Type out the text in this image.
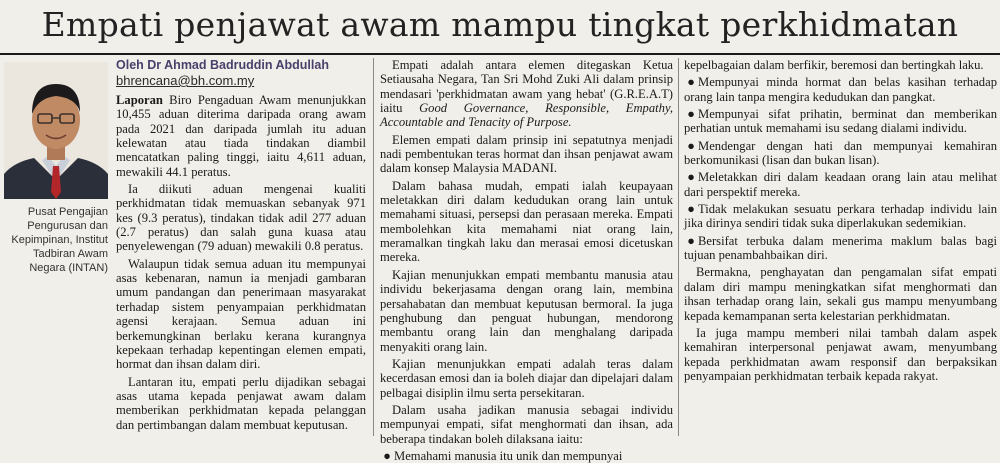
Empati penjawat awam mampu tingkat perkhidmatan
Pusat Pengajian Pengurusan dan Kepimpinan, Institut Tadbiran Awam Negara (INTAN)
Oleh Dr Ahmad Badruddin Abdullah
bhrencana@bh.com.my

Laporan Biro Pengaduan Awam menunjukkan 10,455 aduan diterima daripada orang awam pada 2021 dan daripada jumlah itu aduan kelewatan atau tiada tindakan diambil mencatatkan paling tinggi, iaitu 4,611 aduan, mewakili 44.1 peratus.

Ia diikuti aduan mengenai kualiti perkhidmatan tidak memuaskan sebanyak 971 kes (9.3 peratus), tindakan tidak adil 277 aduan (2.7 peratus) dan salah guna kuasa atau penyelewengan (79 aduan) mewakili 0.8 peratus.

Walaupun tidak semua aduan itu mempunyai asas kebenaran, namun ia menjadi gambaran umum pandangan dan penerimaan masyarakat terhadap sistem penyampaian perkhidmatan agensi kerajaan. Semua aduan ini berkemungkinan berlaku kerana kurangnya kepekaan terhadap kepentingan elemen empati, hormat dan ihsan dalam diri.

Lantaran itu, empati perlu dijadikan sebagai asas utama kepada penjawat awam dalam memberikan perkhidmatan kepada pelanggan dan pertimbangan dalam membuat keputusan.

Empati adalah antara elemen ditegaskan Ketua Setiausaha Negara, Tan Sri Mohd Zuki Ali dalam prinsip mendasari 'perkhidmatan awam yang hebat' (G.R.E.A.T) iaitu Good Governance, Responsible, Empathy, Accountable and Tenacity of Purpose.

Elemen empati dalam prinsip ini sepatutnya menjadi nadi pembentukan teras hormat dan ihsan penjawat awam dalam konsep Malaysia MADANI.

Dalam bahasa mudah, empati ialah keupayaan meletakkan diri dalam kedudukan orang lain untuk memahami situasi, persepsi dan perasaan mereka. Empati membolehkan kita memahami niat orang lain, meramalkan tingkah laku dan merasai emosi dicetuskan mereka.

Kajian menunjukkan empati membantu manusia atau individu bekerjasama dengan orang lain, membina persahabatan dan membuat keputusan bermoral. Ia juga penghubung dan penguat hubungan, mendorong membantu orang lain dan menghalang daripada menyakiti orang lain.

Kajian menunjukkan empati adalah teras dalam kecerdasan emosi dan ia boleh diajar dan dipelajari dalam pelbagai disiplin ilmu serta persekitaran.

Dalam usaha jadikan manusia sebagai individu mempunyai empati, sifat menghormati dan ihsan, ada beberapa tindakan boleh dilaksana iaitu:

● Memahami manusia itu unik dan mempunyai

kepelbagaian dalam berfikir, beremosi dan bertingkah laku.

● Mempunyai minda hormat dan belas kasihan terhadap orang lain tanpa mengira kedudukan dan pangkat.

● Mempunyai sifat prihatin, berminat dan memberikan perhatian untuk memahami isu sedang dialami individu.

● Mendengar dengan hati dan mempunyai kemahiran berkomunikasi (lisan dan bukan lisan).

● Meletakkan diri dalam keadaan orang lain atau melihat dari perspektif mereka.

● Tidak melakukan sesuatu perkara terhadap individu lain jika dirinya sendiri tidak suka diperlakukan sedemikian.

● Bersifat terbuka dalam menerima maklum balas bagi tujuan penambahbaikan diri.

Bermakna, penghayatan dan pengamalan sifat empati dalam diri mampu meningkatkan sifat menghormati dan ihsan terhadap orang lain, sekali gus mampu menyumbang kepada kemampanan serta kelestarian perkhidmatan.

Ia juga mampu memberi nilai tambah dalam aspek kemahiran interpersonal penjawat awam, menyumbang kepada perkhidmatan awam responsif dan berpaksikan penyampaian perkhidmatan terbaik kepada rakyat.
